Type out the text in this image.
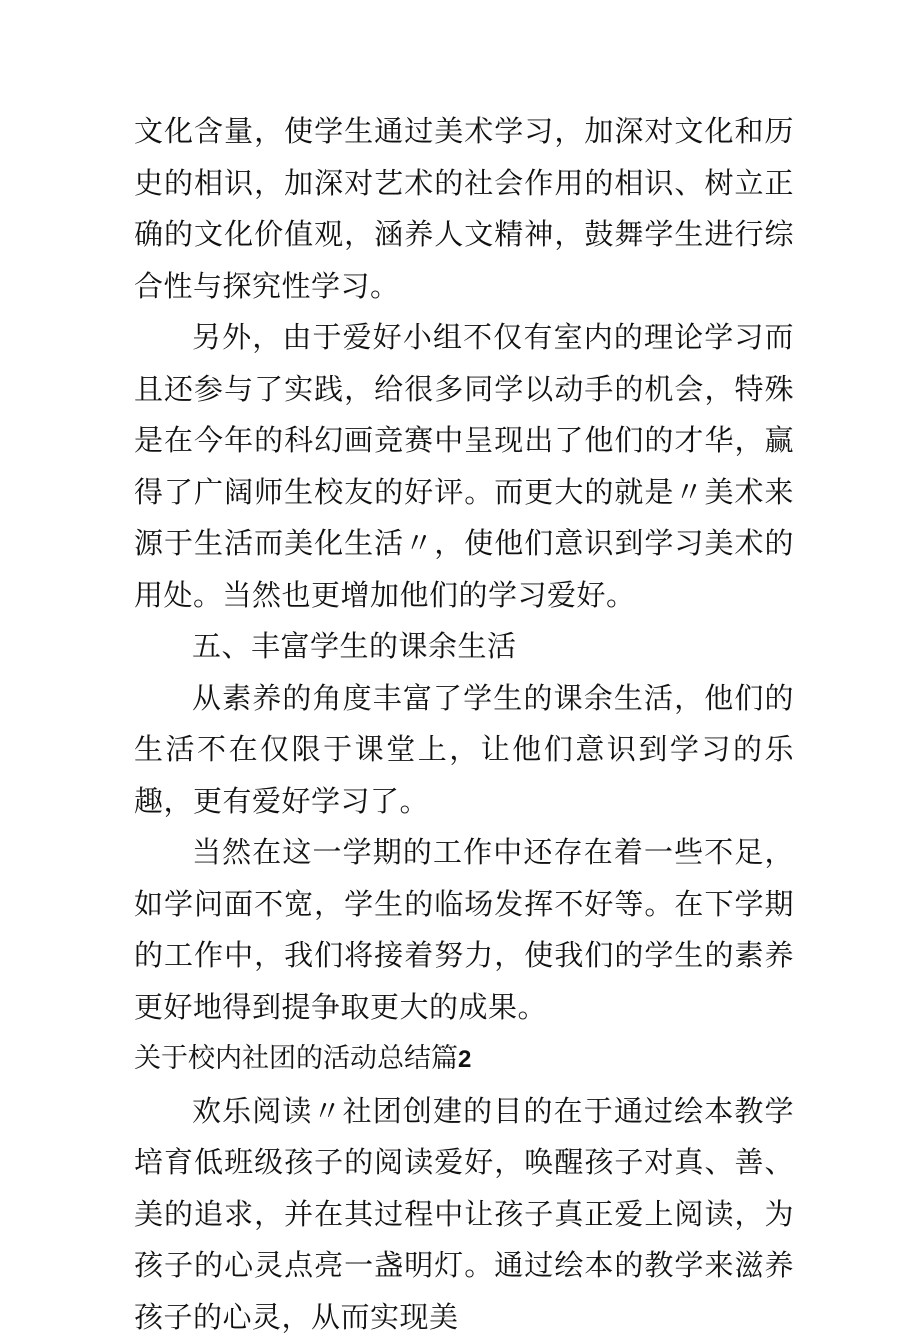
文化含量，使学生通过美术学习，加深对文化和历史的相识，加深对艺术的社会作用的相识、树立正确的文化价值观，涵养人文精神，鼓舞学生进行综合性与探究性学习。

另外，由于爱好小组不仅有室内的理论学习而且还参与了实践，给很多同学以动手的机会，特殊是在今年的科幻画竞赛中呈现出了他们的才华，赢得了广阔师生校友的好评。而更大的就是〃美术来源于生活而美化生活〃，使他们意识到学习美术的用处。当然也更增加他们的学习爱好。

五、丰富学生的课余生活

从素养的角度丰富了学生的课余生活，他们的生活不在仅限于课堂上，让他们意识到学习的乐趣，更有爱好学习了。

当然在这一学期的工作中还存在着一些不足，如学问面不宽，学生的临场发挥不好等。在下学期的工作中，我们将接着努力，使我们的学生的素养更好地得到提争取更大的成果。

关于校内社团的活动总结篇2

欢乐阅读〃社团创建的目的在于通过绘本教学培育低班级孩子的阅读爱好，唤醒孩子对真、善、美的追求，并在其过程中让孩子真正爱上阅读，为孩子的心灵点亮一盏明灯。通过绘本的教学来滋养孩子的心灵，从而实现美
